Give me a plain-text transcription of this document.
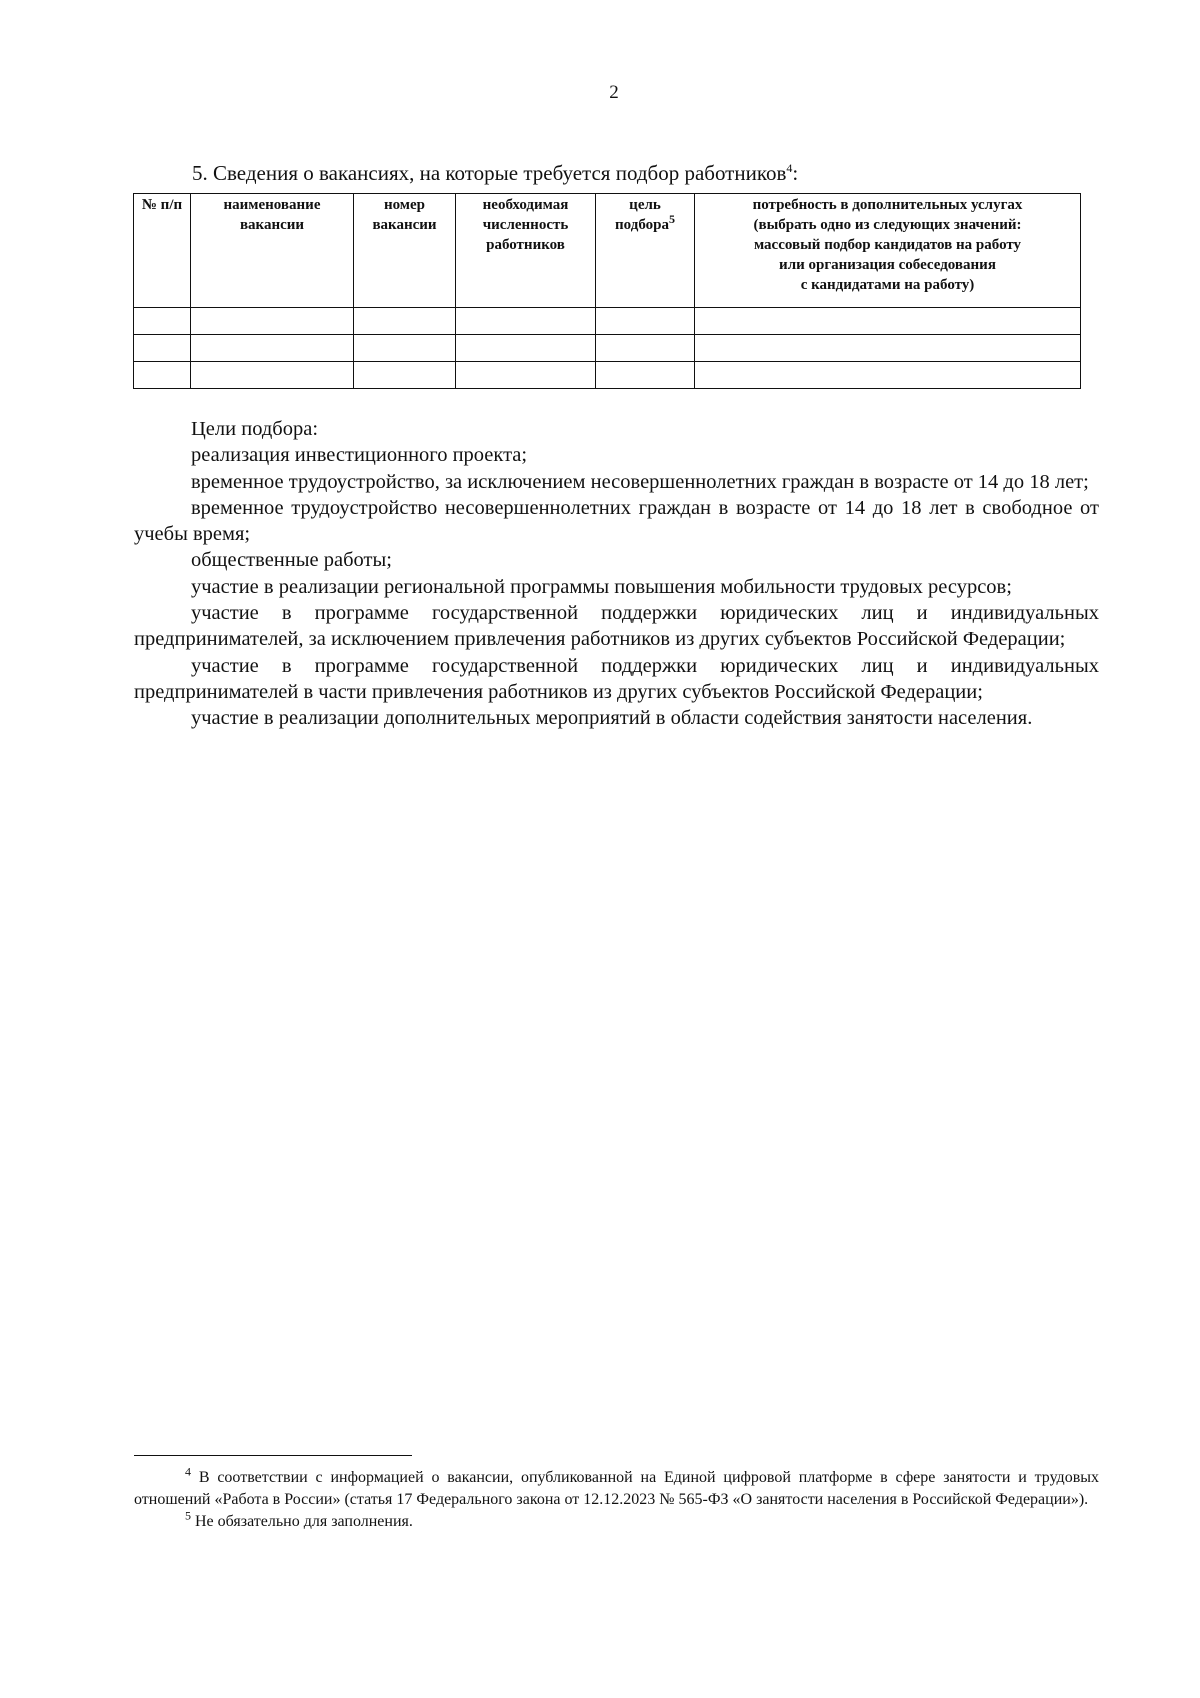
2
5. Сведения о вакансиях, на которые требуется подбор работников$^4$:
№ п/п	наименование вакансии	номер вакансии	необходимая численность работников	цель подбора$^5$	потребность в дополнительных услугах
(выбрать одно из следующих значений:
массовый подбор кандидатов на работу
или организация собеседования
с кандидатами на работу)

Цели подбора:

реализация инвестиционного проекта;

временное трудоустройство, за исключением несовершеннолетних граждан в возрасте от 14 до 18 лет;

временное трудоустройство несовершеннолетних граждан в возрасте от 14 до 18 лет в свободное от учебы время;

общественные работы;

участие в реализации региональной программы повышения мобильности трудовых ресурсов;

участие в программе государственной поддержки юридических лиц и индивидуальных предпринимателей, за исключением привлечения работников из других субъектов Российской Федерации;

участие в программе государственной поддержки юридических лиц и индивидуальных предпринимателей в части привлечения работников из других субъектов Российской Федерации;

участие в реализации дополнительных мероприятий в области содействия занятости населения.

$^4$ В соответствии с информацией о вакансии, опубликованной на Единой цифровой платформе в сфере занятости и трудовых отношений «Работа в России» (статья 17 Федерального закона от 12.12.2023 № 565-ФЗ «О занятости населения в Российской Федерации»).

$^5$ Не обязательно для заполнения.
